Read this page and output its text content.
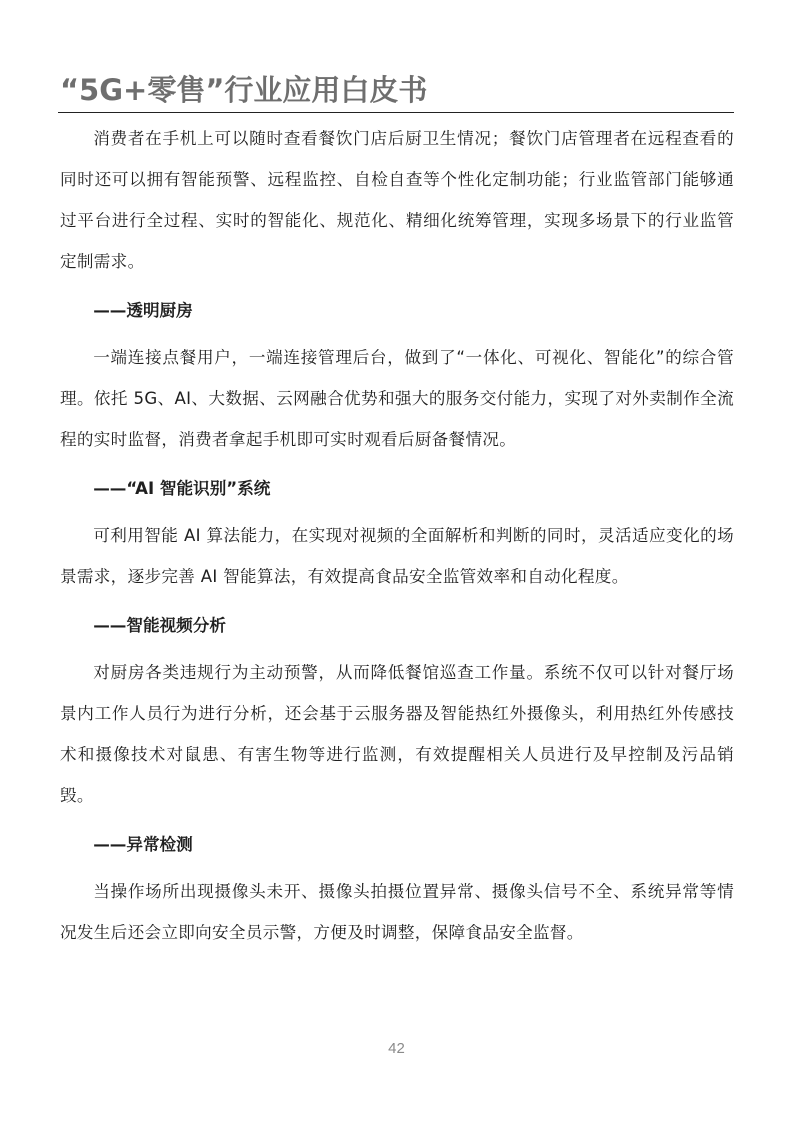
“5G+零售”行业应用白皮书

消费者在手机上可以随时查看餐饮门店后厨卫生情况；餐饮门店管理者在远程查看的同时还可以拥有智能预警、远程监控、自检自查等个性化定制功能；行业监管部门能够通过平台进行全过程、实时的智能化、规范化、精细化统筹管理，实现多场景下的行业监管定制需求。

——透明厨房

一端连接点餐用户，一端连接管理后台，做到了“一体化、可视化、智能化”的综合管理。依托 5G、AI、大数据、云网融合优势和强大的服务交付能力，实现了对外卖制作全流程的实时监督，消费者拿起手机即可实时观看后厨备餐情况。

——“AI 智能识别”系统

可利用智能 AI 算法能力，在实现对视频的全面解析和判断的同时，灵活适应变化的场景需求，逐步完善 AI 智能算法，有效提高食品安全监管效率和自动化程度。

——智能视频分析

对厨房各类违规行为主动预警，从而降低餐馆巡查工作量。系统不仅可以针对餐厅场景内工作人员行为进行分析，还会基于云服务器及智能热红外摄像头，利用热红外传感技术和摄像技术对鼠患、有害生物等进行监测，有效提醒相关人员进行及早控制及污品销毁。

——异常检测

当操作场所出现摄像头未开、摄像头拍摄位置异常、摄像头信号不全、系统异常等情况发生后还会立即向安全员示警，方便及时调整，保障食品安全监督。

42
